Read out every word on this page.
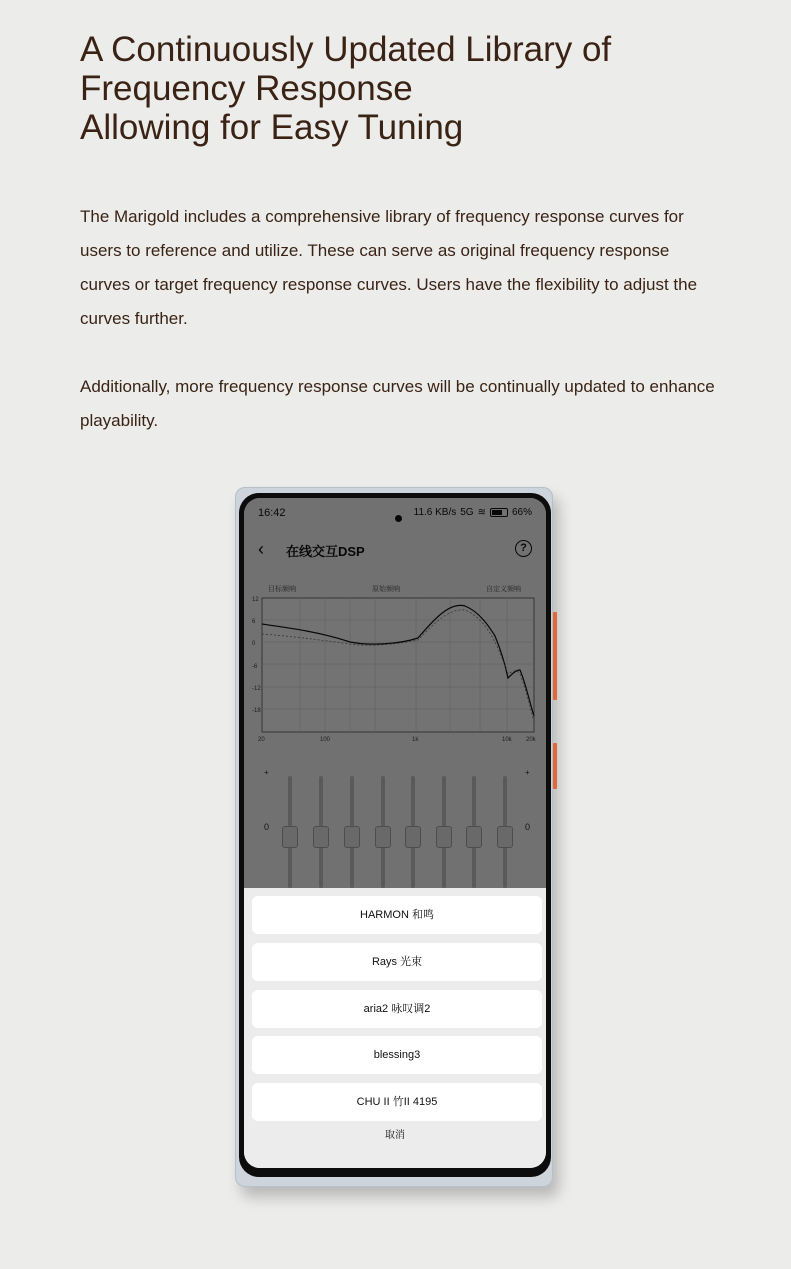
A Continuously Updated Library of
Frequency Response
Allowing for Easy Tuning

The Marigold includes a comprehensive library of frequency response curves for users to reference and utilize. These can serve as original frequency response curves or target frequency response curves. Users have the flexibility to adjust the curves further.

Additionally, more frequency response curves will be continually updated to enhance playability.

HARMON 和鸣
Rays 光束
aria2 咏叹调2
blessing3
CHU II 竹II 4195
取消
